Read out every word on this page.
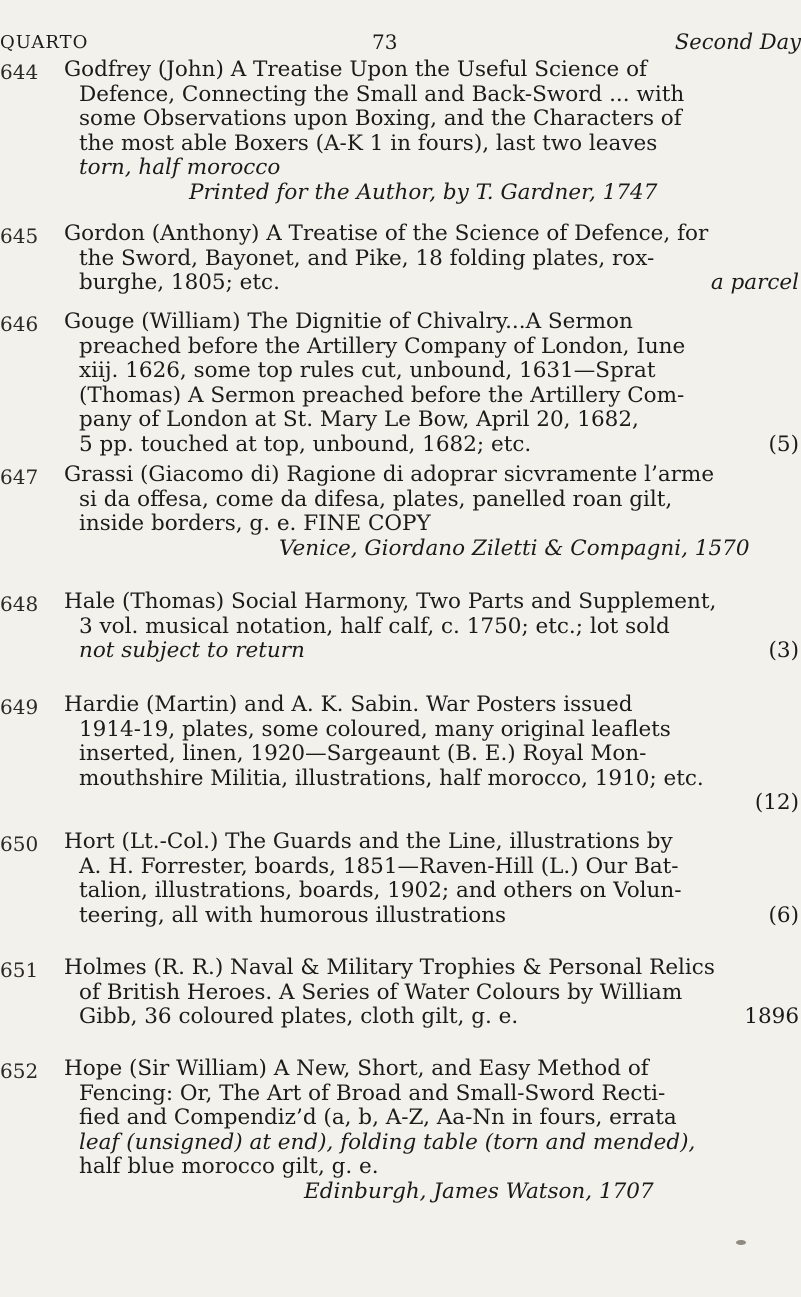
QUARTO	73	Second Day
644 Godfrey (John) A Treatise Upon the Useful Science of
Defence, Connecting the Small and Back-Sword ... with
some Observations upon Boxing, and the Characters of
the most able Boxers (A-K 1 in fours), last two leaves
torn, half morocco
Printed for the Author, by T. Gardner, 1747
645 Gordon (Anthony) A Treatise of the Science of Defence, for
the Sword, Bayonet, and Pike, 18 folding plates, rox-
burghe, 1805; etc.	a parcel
646 Gouge (William) The Dignitie of Chivalry...A Sermon
preached before the Artillery Company of London, Iune
xiij. 1626, some top rules cut, unbound, 1631—Sprat
(Thomas) A Sermon preached before the Artillery Com-
pany of London at St. Mary Le Bow, April 20, 1682,
5 pp. touched at top, unbound, 1682; etc.	(5)
647 Grassi (Giacomo di) Ragione di adoprar sicvramente l’arme
si da offesa, come da difesa, plates, panelled roan gilt,
inside borders, g. e. FINE COPY
Venice, Giordano Ziletti & Compagni, 1570
648 Hale (Thomas) Social Harmony, Two Parts and Supplement,
3 vol. musical notation, half calf, c. 1750; etc.; lot sold
not subject to return	(3)
649 Hardie (Martin) and A. K. Sabin. War Posters issued
1914-19, plates, some coloured, many original leaflets
inserted, linen, 1920—Sargeaunt (B. E.) Royal Mon-
mouthshire Militia, illustrations, half morocco, 1910; etc.
(12)
650 Hort (Lt.-Col.) The Guards and the Line, illustrations by
A. H. Forrester, boards, 1851—Raven-Hill (L.) Our Bat-
talion, illustrations, boards, 1902; and others on Volun-
teering, all with humorous illustrations	(6)
651 Holmes (R. R.) Naval & Military Trophies & Personal Relics
of British Heroes. A Series of Water Colours by William
Gibb, 36 coloured plates, cloth gilt, g. e.	1896
652 Hope (Sir William) A New, Short, and Easy Method of
Fencing: Or, The Art of Broad and Small-Sword Recti-
fied and Compendiz’d (a, b, A-Z, Aa-Nn in fours, errata
leaf (unsigned) at end), folding table (torn and mended),
half blue morocco gilt, g. e.
Edinburgh, James Watson, 1707
